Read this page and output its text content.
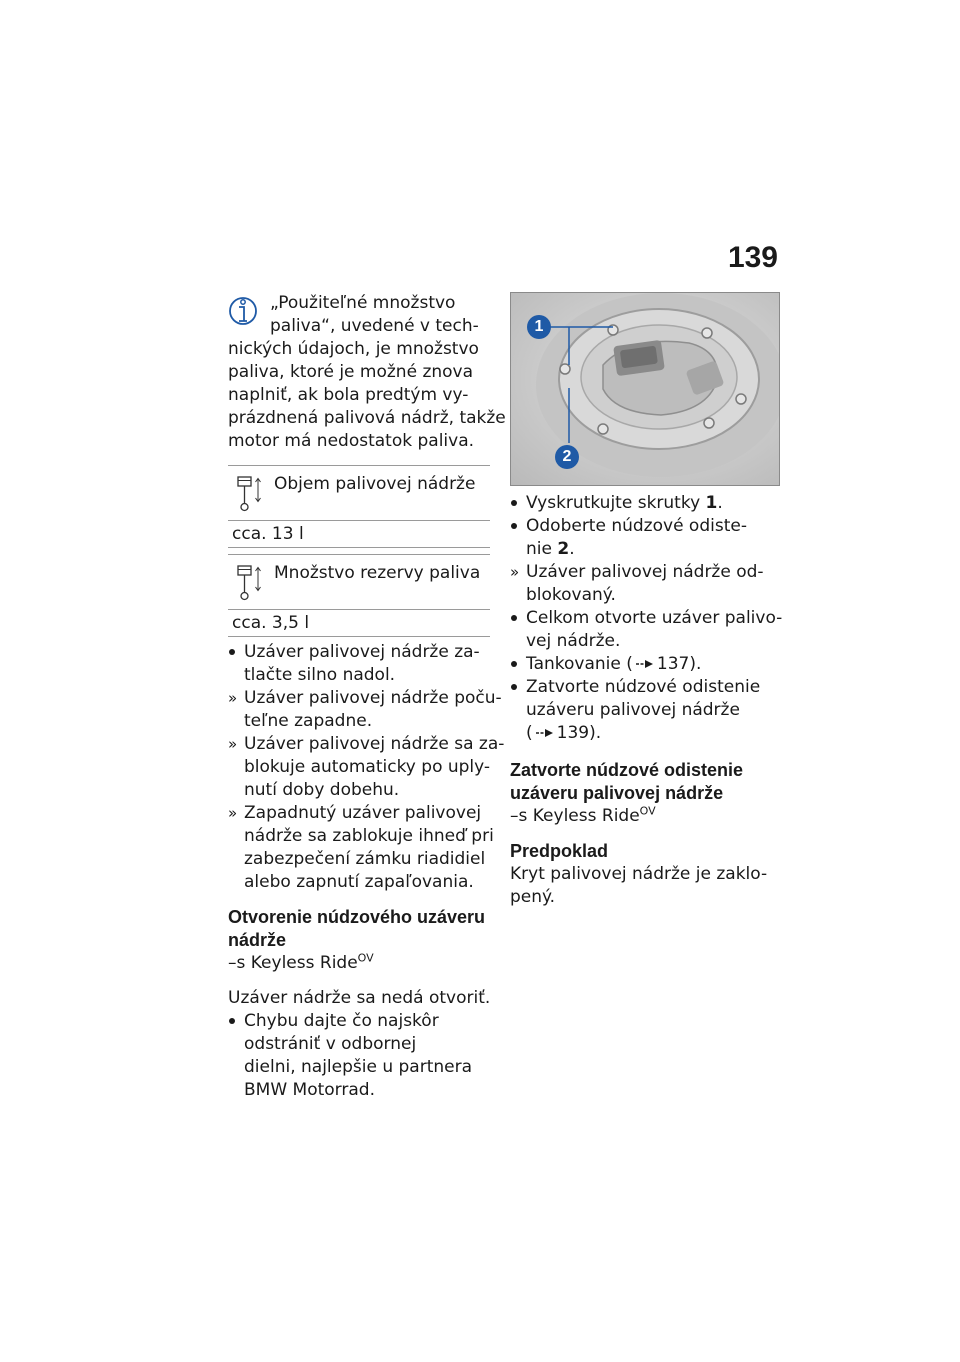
139
„Použiteľné množstvo
paliva“, uvedené v tech-
nických údajoch, je množstvo
paliva, ktoré je možné znova
naplniť, ak bola predtým vy-
prázdnená palivová nádrž, takže
motor má nedostatok paliva.
Objem palivovej nádrže
cca. 13 l
Množstvo rezervy paliva
cca. 3,5 l
Uzáver palivovej nádrže za-
tlačte silno nadol.
Uzáver palivovej nádrže poču-
teľne zapadne.
Uzáver palivovej nádrže sa za-
blokuje automaticky po uply-
nutí doby dobehu.
Zapadnutý uzáver palivovej
nádrže sa zablokuje ihneď pri
zabezpečení zámku riadidiel
alebo zapnutí zapaľovania.
Otvorenie núdzového uzáveru
nádrže
–s Keyless Ride$^{OV}$
Uzáver nádrže sa nedá otvoriť.
Chybu dajte čo najskôr
odstrániť v odbornej
dielni, najlepšie u partnera
BMW Motorrad.
1
2
Vyskrutkujte skrutky 1.
Odoberte núdzové odiste-
nie 2.
Uzáver palivovej nádrže od-
blokovaný.
Celkom otvorte uzáver palivo-
vej nádrže.
Tankovanie ( 137).
Zatvorte núdzové odistenie
uzáveru palivovej nádrže
( 139).
Zatvorte núdzové odistenie
uzáveru palivovej nádrže
–s Keyless Ride$^{OV}$
Predpoklad
Kryt palivovej nádrže je zaklo-
pený.
